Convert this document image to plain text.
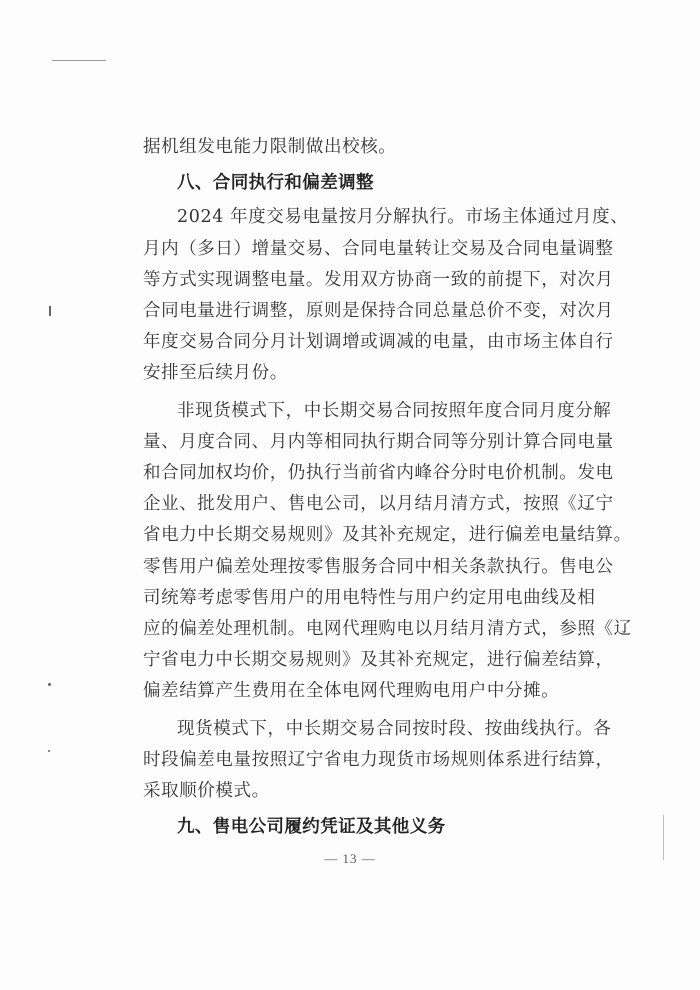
据机组发电能力限制做出校核。
八、合同执行和偏差调整
2024 年度交易电量按月分解执行。市场主体通过月度、
月内（多日）增量交易、合同电量转让交易及合同电量调整
等方式实现调整电量。发用双方协商一致的前提下，对次月
合同电量进行调整，原则是保持合同总量总价不变，对次月
年度交易合同分月计划调增或调减的电量，由市场主体自行
安排至后续月份。
非现货模式下，中长期交易合同按照年度合同月度分解
量、月度合同、月内等相同执行期合同等分别计算合同电量
和合同加权均价，仍执行当前省内峰谷分时电价机制。发电
企业、批发用户、售电公司，以月结月清方式，按照《辽宁
省电力中长期交易规则》及其补充规定，进行偏差电量结算。
零售用户偏差处理按零售服务合同中相关条款执行。售电公
司统筹考虑零售用户的用电特性与用户约定用电曲线及相
应的偏差处理机制。电网代理购电以月结月清方式，参照《辽
宁省电力中长期交易规则》及其补充规定，进行偏差结算，
偏差结算产生费用在全体电网代理购电用户中分摊。
现货模式下，中长期交易合同按时段、按曲线执行。各
时段偏差电量按照辽宁省电力现货市场规则体系进行结算，
采取顺价模式。
九、售电公司履约凭证及其他义务
— 13 —
